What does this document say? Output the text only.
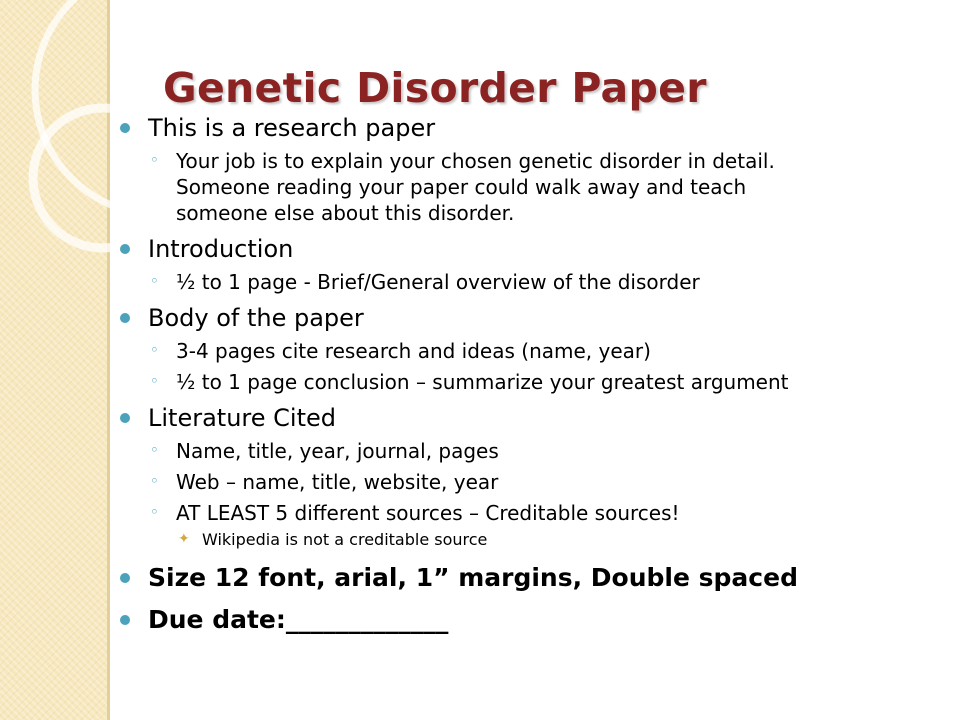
Genetic Disorder Paper
This is a research paper
◦ Your job is to explain your chosen genetic disorder in detail.
Someone reading your paper could walk away and teach
someone else about this disorder.
Introduction
◦ ½ to 1 page - Brief/General overview of the disorder
Body of the paper
◦ 3-4 pages cite research and ideas (name, year)
◦ ½ to 1 page conclusion – summarize your greatest argument
Literature Cited
◦ Name, title, year, journal, pages
◦ Web – name, title, website, year
◦ AT LEAST 5 different sources – Creditable sources!
✦ Wikipedia is not a creditable source
Size 12 font, arial, 1” margins, Double spaced
Due date:_____________
